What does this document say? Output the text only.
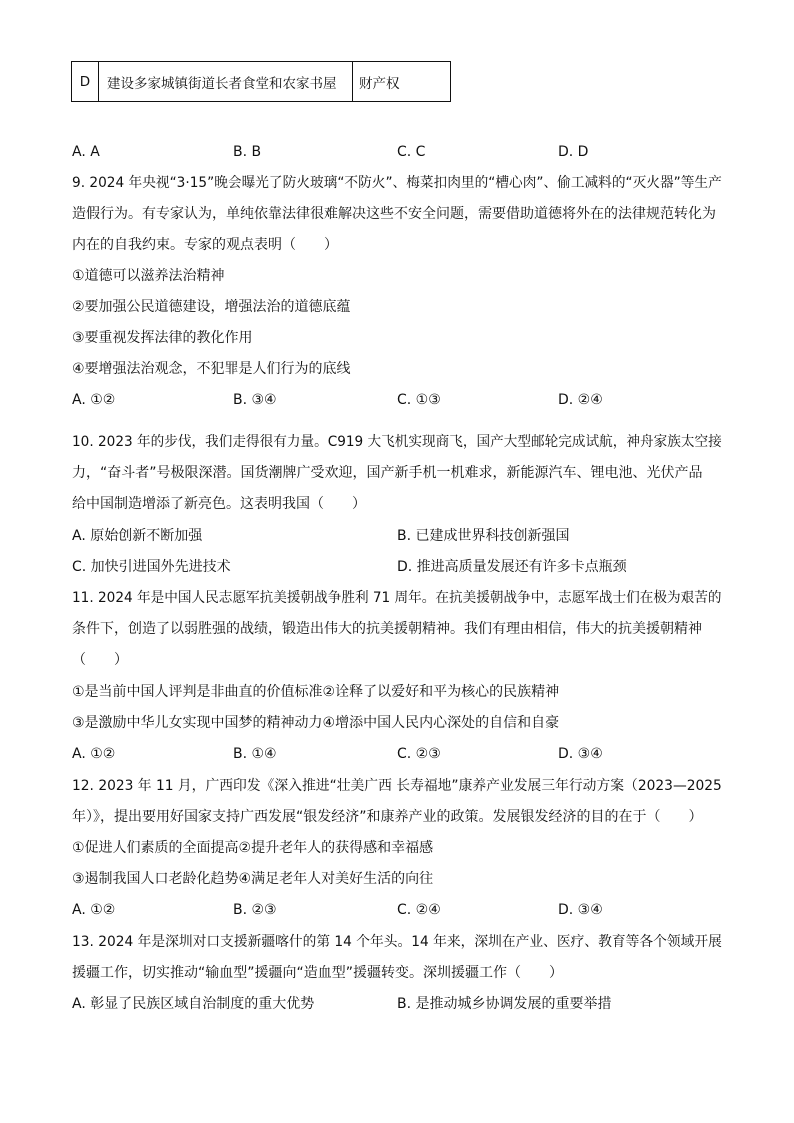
D	建设多家城镇街道长者食堂和农家书屋	财产权
A. A	B. B	C. C	D. D
9. 2024 年央视“3·15”晚会曝光了防火玻璃“不防火”、梅菜扣肉里的“槽心肉”、偷工减料的“灭火器”等生产
造假行为。有专家认为，单纯依靠法律很难解决这些不安全问题，需要借助道德将外在的法律规范转化为
内在的自我约束。专家的观点表明（　　）
①道德可以滋养法治精神
②要加强公民道德建设，增强法治的道德底蕴
③要重视发挥法律的教化作用
④要增强法治观念，不犯罪是人们行为的底线
A. ①②	B. ③④	C. ①③	D. ②④
10. 2023 年的步伐，我们走得很有力量。C919 大飞机实现商飞，国产大型邮轮完成试航，神舟家族太空接
力，“奋斗者”号极限深潜。国货潮牌广受欢迎，国产新手机一机难求，新能源汽车、锂电池、光伏产品
给中国制造增添了新亮色。这表明我国（　　）
A. 原始创新不断加强	B. 已建成世界科技创新强国
C. 加快引进国外先进技术	D. 推进高质量发展还有许多卡点瓶颈
11. 2024 年是中国人民志愿军抗美援朝战争胜利 71 周年。在抗美援朝战争中，志愿军战士们在极为艰苦的
条件下，创造了以弱胜强的战绩，锻造出伟大的抗美援朝精神。我们有理由相信，伟大的抗美援朝精神
（　　）
①是当前中国人评判是非曲直的价值标准②诠释了以爱好和平为核心的民族精神
③是激励中华儿女实现中国梦的精神动力④增添中国人民内心深处的自信和自豪
A. ①②	B. ①④	C. ②③	D. ③④
12. 2023 年 11 月，广西印发《深入推进“壮美广西 长寿福地”康养产业发展三年行动方案（2023—2025
年）》，提出要用好国家支持广西发展“银发经济”和康养产业的政策。发展银发经济的目的在于（　　）
①促进人们素质的全面提高②提升老年人的获得感和幸福感
③遏制我国人口老龄化趋势④满足老年人对美好生活的向往
A. ①②	B. ②③	C. ②④	D. ③④
13. 2024 年是深圳对口支援新疆喀什的第 14 个年头。14 年来，深圳在产业、医疗、教育等各个领域开展
援疆工作，切实推动“输血型”援疆向“造血型”援疆转变。深圳援疆工作（　　）
A. 彰显了民族区域自治制度的重大优势	B. 是推动城乡协调发展的重要举措
